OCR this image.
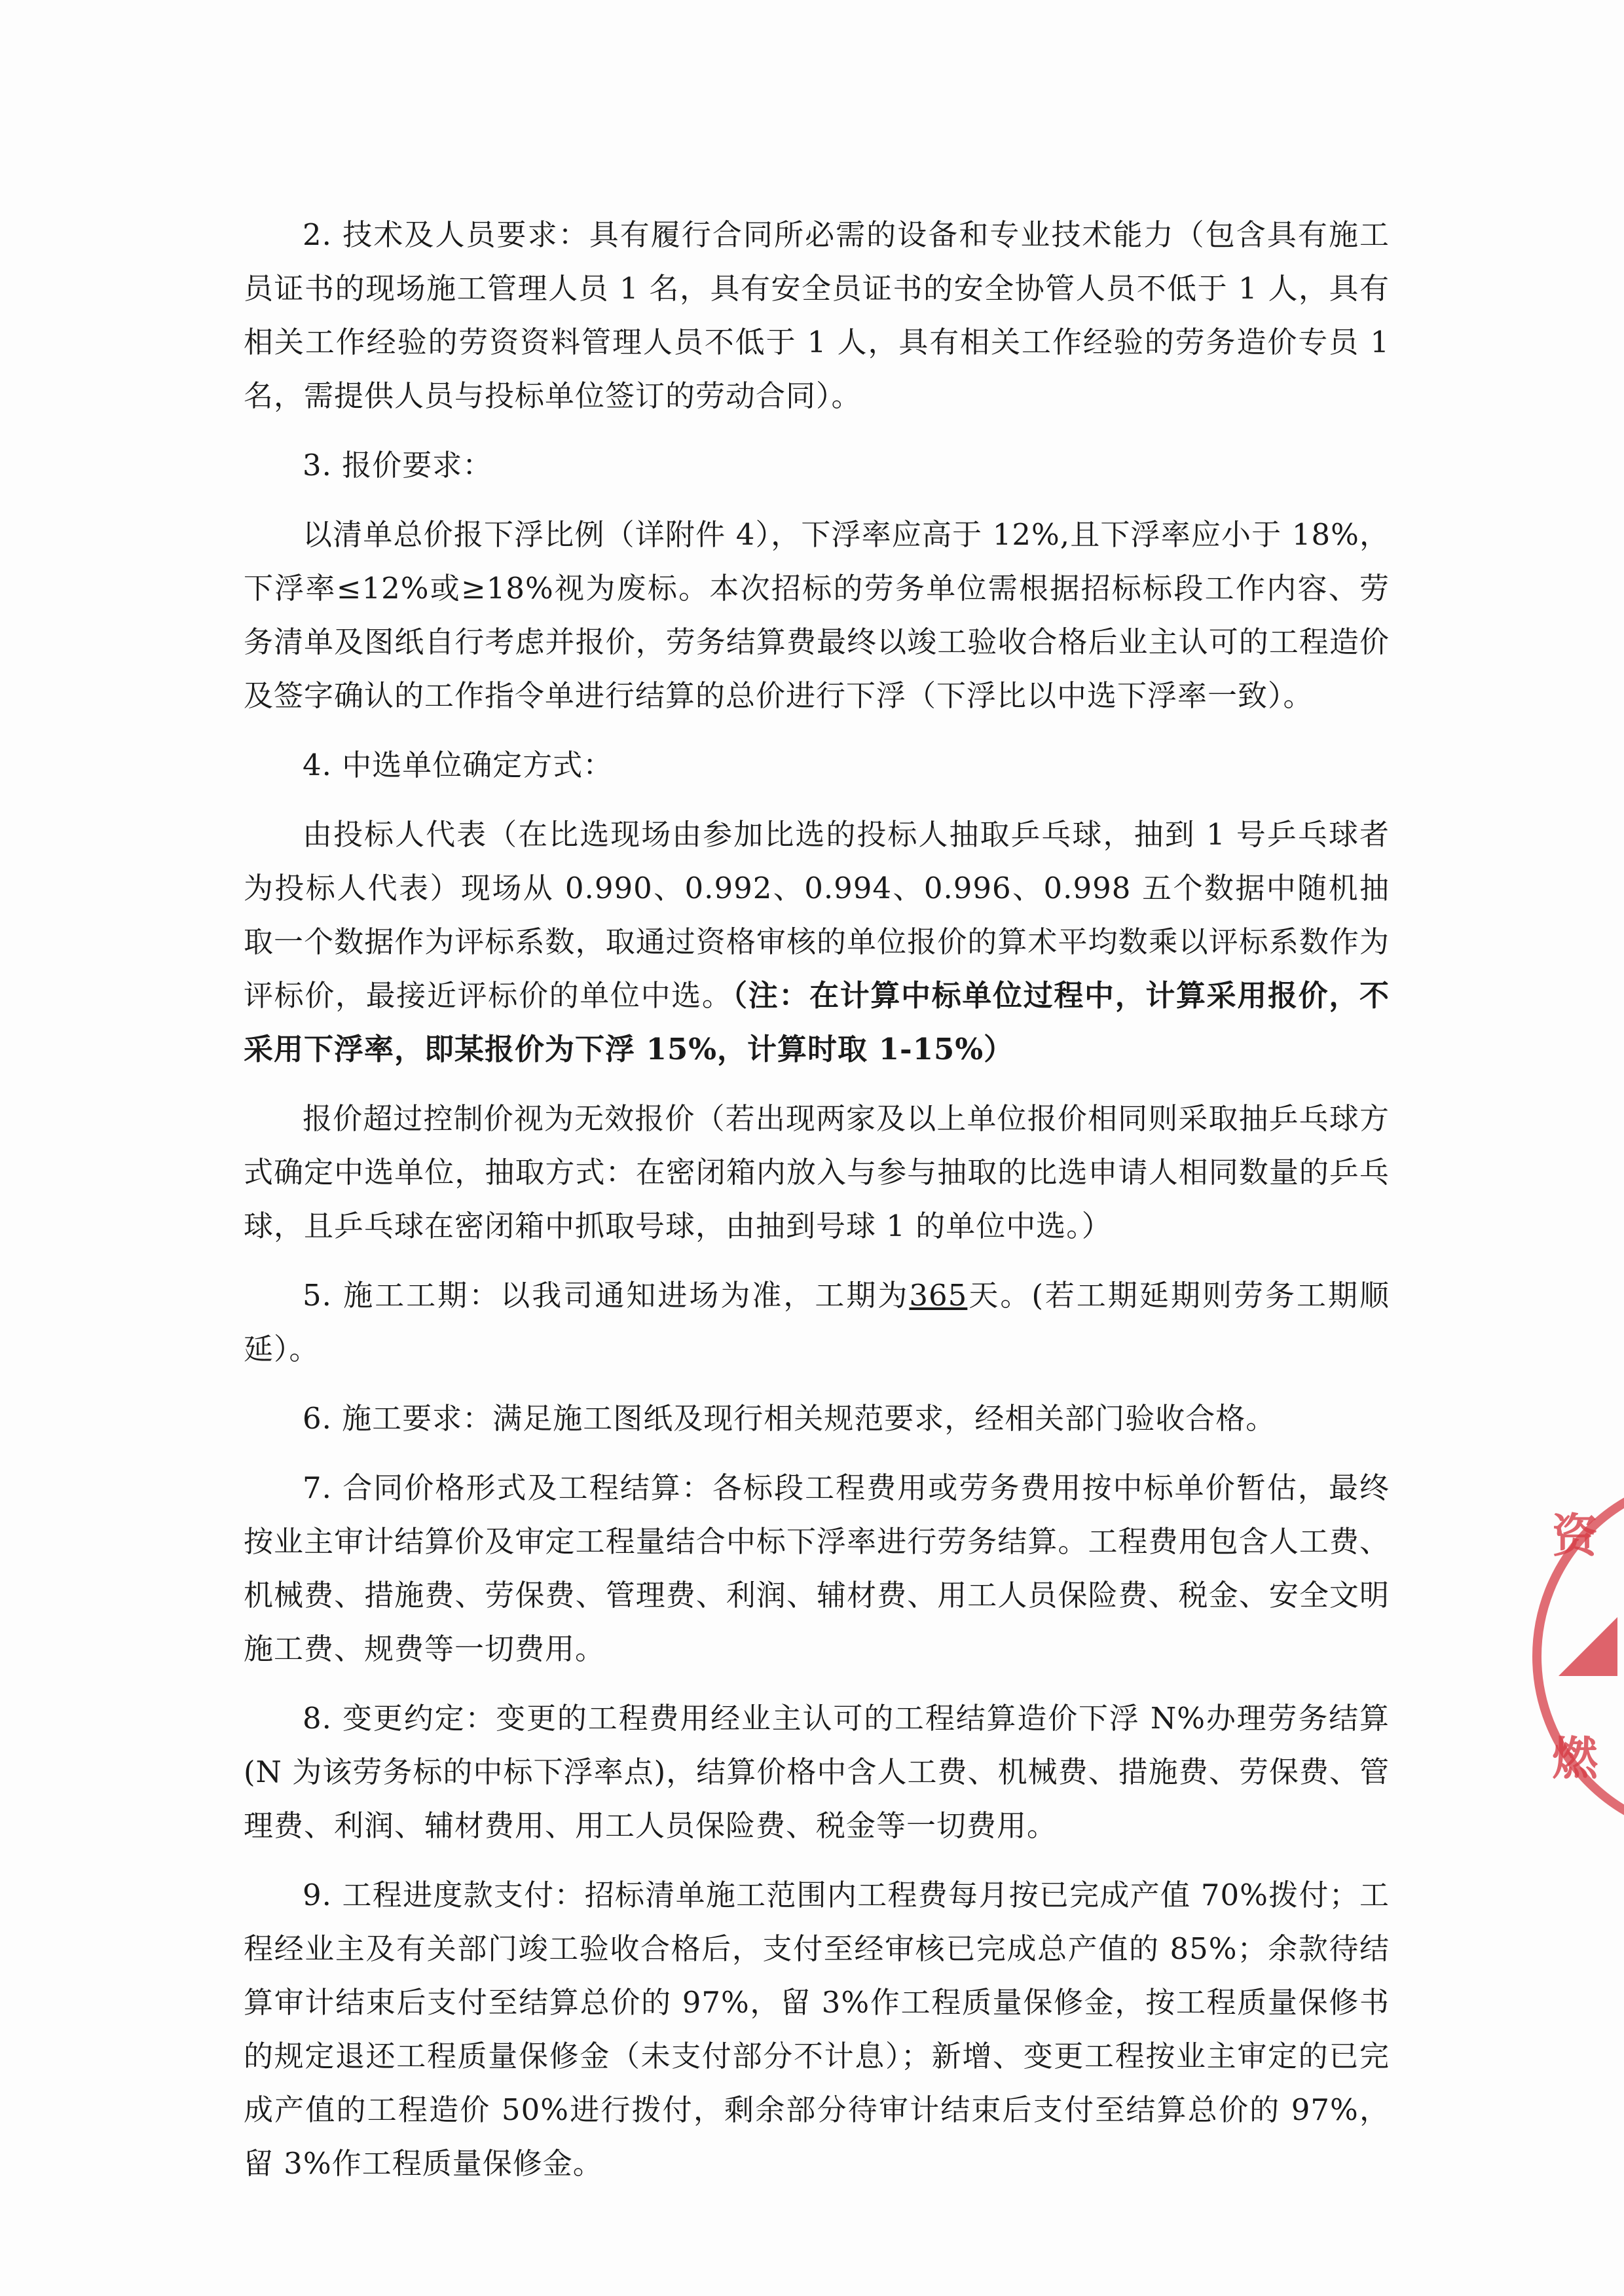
2. 技术及人员要求：具有履行合同所必需的设备和专业技术能力（包含具有施工员证书的现场施工管理人员 1 名，具有安全员证书的安全协管人员不低于 1 人，具有相关工作经验的劳资资料管理人员不低于 1 人，具有相关工作经验的劳务造价专员 1 名，需提供人员与投标单位签订的劳动合同）。

3. 报价要求：

以清单总价报下浮比例（详附件 4），下浮率应高于 12%,且下浮率应小于 18%，下浮率≤12%或≥18%视为废标。本次招标的劳务单位需根据招标标段工作内容、劳务清单及图纸自行考虑并报价，劳务结算费最终以竣工验收合格后业主认可的工程造价及签字确认的工作指令单进行结算的总价进行下浮（下浮比以中选下浮率一致）。

4. 中选单位确定方式：

由投标人代表（在比选现场由参加比选的投标人抽取乒乓球，抽到 1 号乒乓球者为投标人代表）现场从 0.990、0.992、0.994、0.996、0.998 五个数据中随机抽取一个数据作为评标系数，取通过资格审核的单位报价的算术平均数乘以评标系数作为评标价，最接近评标价的单位中选。（注：在计算中标单位过程中，计算采用报价，不采用下浮率，即某报价为下浮 15%，计算时取 1-15%）

报价超过控制价视为无效报价（若出现两家及以上单位报价相同则采取抽乒乓球方式确定中选单位，抽取方式：在密闭箱内放入与参与抽取的比选申请人相同数量的乒乓球，且乒乓球在密闭箱中抓取号球，由抽到号球 1 的单位中选。）

5. 施工工期：以我司通知进场为准，工期为365天。(若工期延期则劳务工期顺延）。

6. 施工要求：满足施工图纸及现行相关规范要求，经相关部门验收合格。

7. 合同价格形式及工程结算：各标段工程费用或劳务费用按中标单价暂估，最终按业主审计结算价及审定工程量结合中标下浮率进行劳务结算。工程费用包含人工费、机械费、措施费、劳保费、管理费、利润、辅材费、用工人员保险费、税金、安全文明施工费、规费等一切费用。

8. 变更约定：变更的工程费用经业主认可的工程结算造价下浮 N%办理劳务结算 (N 为该劳务标的中标下浮率点)，结算价格中含人工费、机械费、措施费、劳保费、管理费、利润、辅材费用、用工人员保险费、税金等一切费用。

9. 工程进度款支付：招标清单施工范围内工程费每月按已完成产值 70%拨付；工程经业主及有关部门竣工验收合格后，支付至经审核已完成总产值的 85%；余款待结算审计结束后支付至结算总价的 97%，留 3%作工程质量保修金，按工程质量保修书的规定退还工程质量保修金（未支付部分不计息）；新增、变更工程按业主审定的已完成产值的工程造价 50%进行拨付，剩余部分待审计结束后支付至结算总价的 97%，留 3%作工程质量保修金。

资
燃
